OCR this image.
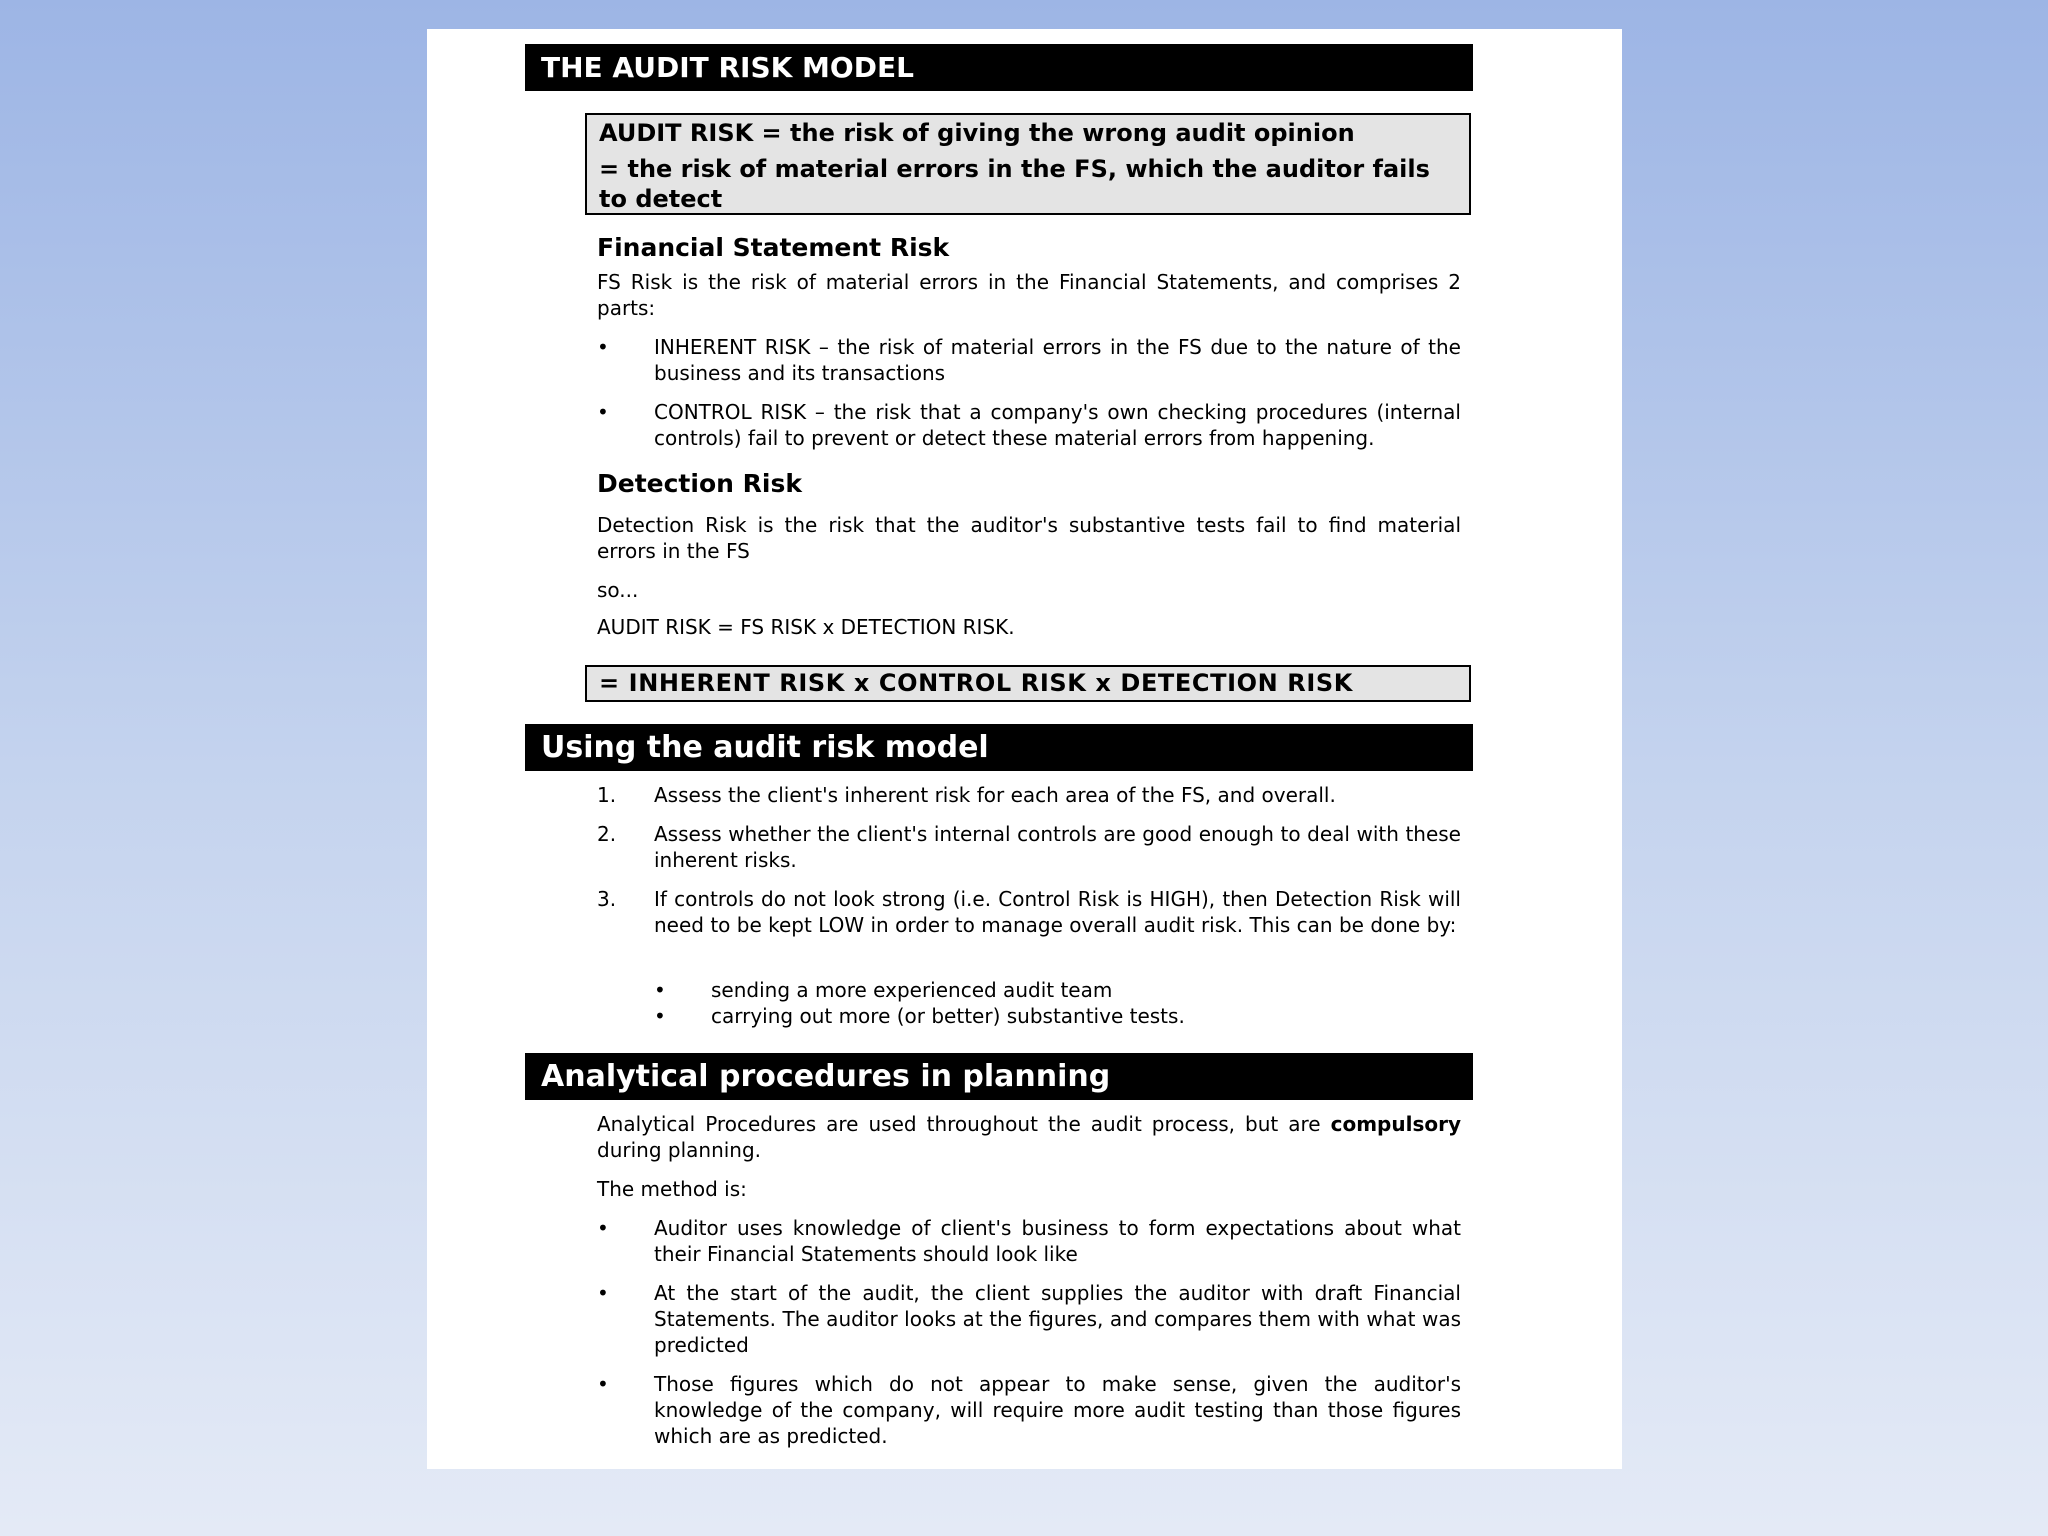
THE AUDIT RISK MODEL
AUDIT RISK = the risk of giving the wrong audit opinion
= the risk of material errors in the FS, which the auditor fails to detect
Financial Statement Risk
FS Risk is the risk of material errors in the Financial Statements, and comprises 2 parts:
• INHERENT RISK – the risk of material errors in the FS due to the nature of the business and its transactions
• CONTROL RISK – the risk that a company's own checking procedures (internal controls) fail to prevent or detect these material errors from happening.
Detection Risk
Detection Risk is the risk that the auditor's substantive tests fail to find material errors in the FS
so...
AUDIT RISK = FS RISK x DETECTION RISK.
= INHERENT RISK x CONTROL RISK x DETECTION RISK
Using the audit risk model
1. Assess the client's inherent risk for each area of the FS, and overall.
2. Assess whether the client's internal controls are good enough to deal with these inherent risks.
3. If controls do not look strong (i.e. Control Risk is HIGH), then Detection Risk will need to be kept LOW in order to manage overall audit risk. This can be done by:
• sending a more experienced audit team
• carrying out more (or better) substantive tests.
Analytical procedures in planning
Analytical Procedures are used throughout the audit process, but are compulsory during planning.
The method is:
• Auditor uses knowledge of client's business to form expectations about what their Financial Statements should look like
• At the start of the audit, the client supplies the auditor with draft Financial Statements. The auditor looks at the figures, and compares them with what was predicted
• Those figures which do not appear to make sense, given the auditor's knowledge of the company, will require more audit testing than those figures which are as predicted.
